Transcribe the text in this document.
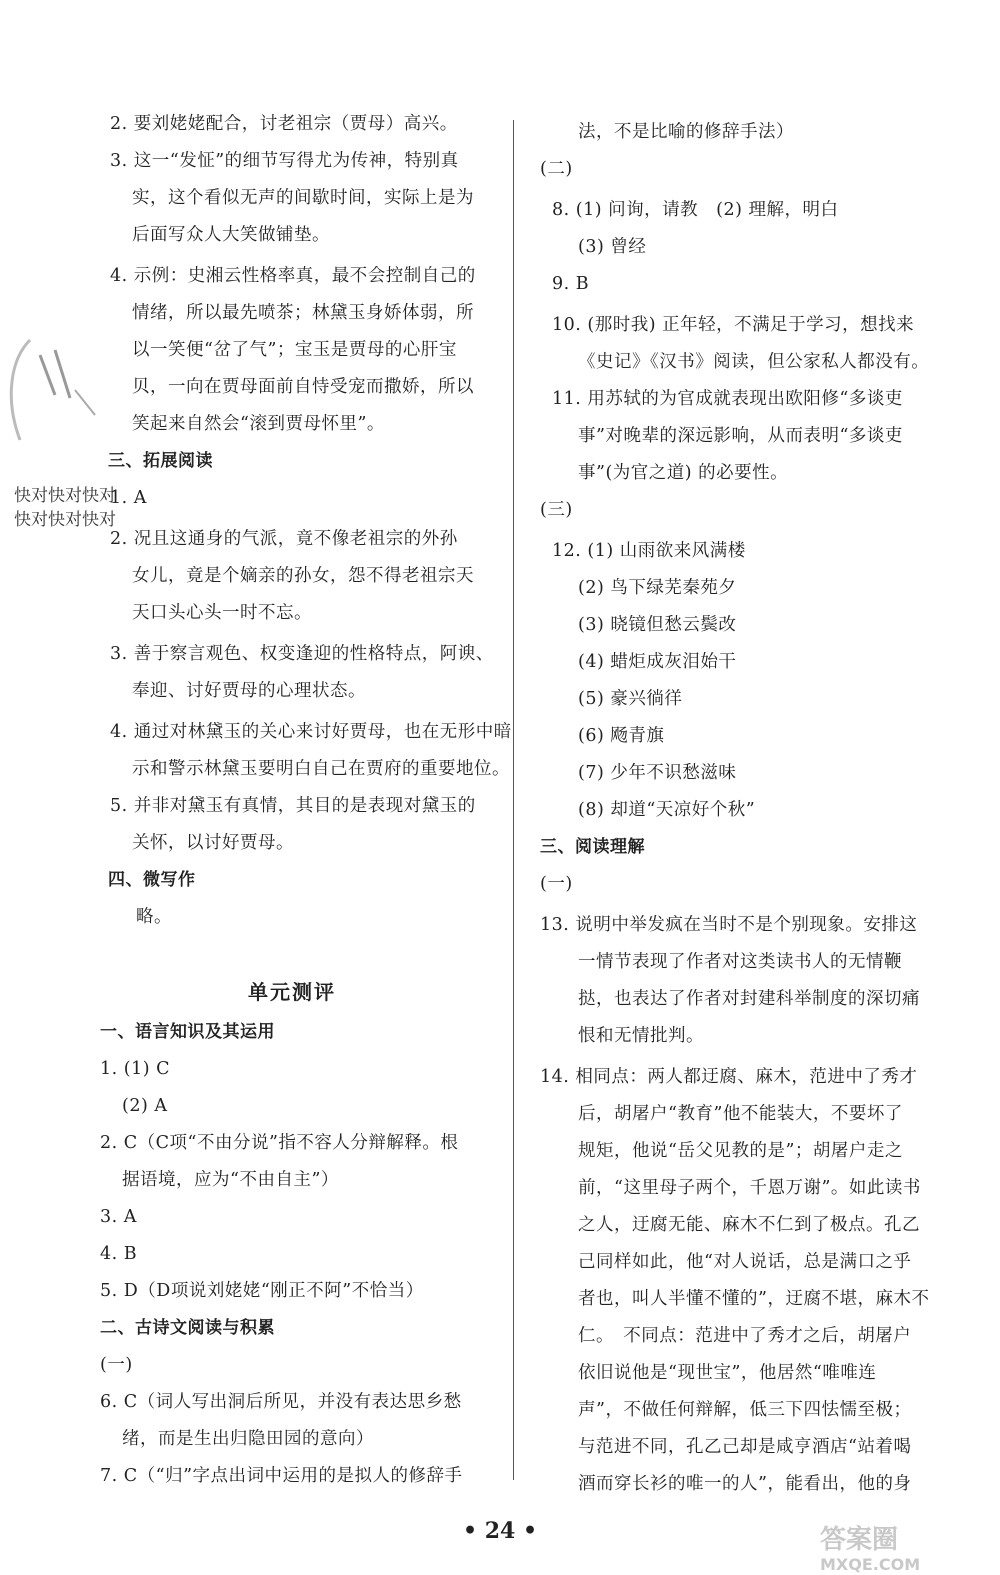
2. 要刘姥姥配合，讨老祖宗（贾母）高兴。
3. 这一“发怔”的细节写得尤为传神，特别真
实，这个看似无声的间歇时间，实际上是为
后面写众人大笑做铺垫。
4. 示例：史湘云性格率真，最不会控制自己的
情绪，所以最先喷茶；林黛玉身娇体弱，所
以一笑便“岔了气”；宝玉是贾母的心肝宝
贝，一向在贾母面前自恃受宠而撒娇，所以
笑起来自然会“滚到贾母怀里”。
三、拓展阅读
1. A
2. 况且这通身的气派，竟不像老祖宗的外孙
女儿，竟是个嫡亲的孙女，怨不得老祖宗天
天口头心头一时不忘。
3. 善于察言观色、权变逢迎的性格特点，阿谀、
奉迎、讨好贾母的心理状态。
4. 通过对林黛玉的关心来讨好贾母，也在无形中暗
示和警示林黛玉要明白自己在贾府的重要地位。
5. 并非对黛玉有真情，其目的是表现对黛玉的
关怀，以讨好贾母。
四、微写作
略。
单元测评
一、语言知识及其运用
1. (1) C
(2) A
2. C（C项“不由分说”指不容人分辩解释。根
据语境，应为“不由自主”）
3. A
4. B
5. D（D项说刘姥姥“刚正不阿”不恰当）
二、古诗文阅读与积累
(一)
6. C（词人写出洞后所见，并没有表达思乡愁
绪，而是生出归隐田园的意向）
7. C（“归”字点出词中运用的是拟人的修辞手
法，不是比喻的修辞手法）
(二)
8. (1) 问询，请教　(2) 理解，明白
(3) 曾经
9. B
10. (那时我) 正年轻，不满足于学习，想找来
《史记》《汉书》阅读，但公家私人都没有。
11. 用苏轼的为官成就表现出欧阳修“多谈吏
事”对晚辈的深远影响，从而表明“多谈吏
事”(为官之道) 的必要性。
(三)
12. (1) 山雨欲来风满楼
(2) 鸟下绿芜秦苑夕
(3) 晓镜但愁云鬓改
(4) 蜡炬成灰泪始干
(5) 豪兴徜徉
(6) 飏青旗
(7) 少年不识愁滋味
(8) 却道“天凉好个秋”
三、阅读理解
(一)
13. 说明中举发疯在当时不是个别现象。安排这
一情节表现了作者对这类读书人的无情鞭
挞，也表达了作者对封建科举制度的深切痛
恨和无情批判。
14. 相同点：两人都迂腐、麻木，范进中了秀才
后，胡屠户“教育”他不能装大，不要坏了
规矩，他说“岳父见教的是”；胡屠户走之
前，“这里母子两个，千恩万谢”。如此读书
之人，迂腐无能、麻木不仁到了极点。孔乙
己同样如此，他“对人说话，总是满口之乎
者也，叫人半懂不懂的”，迂腐不堪，麻木不
仁。　不同点：范进中了秀才之后，胡屠户
依旧说他是“现世宝”，他居然“唯唯连
声”，不做任何辩解，低三下四怯懦至极；
与范进不同，孔乙己却是咸亨酒店“站着喝
酒而穿长衫的唯一的人”，能看出，他的身
快对快对快对
快对快对快对
• 24 •	答案圈
MXQE.COM
